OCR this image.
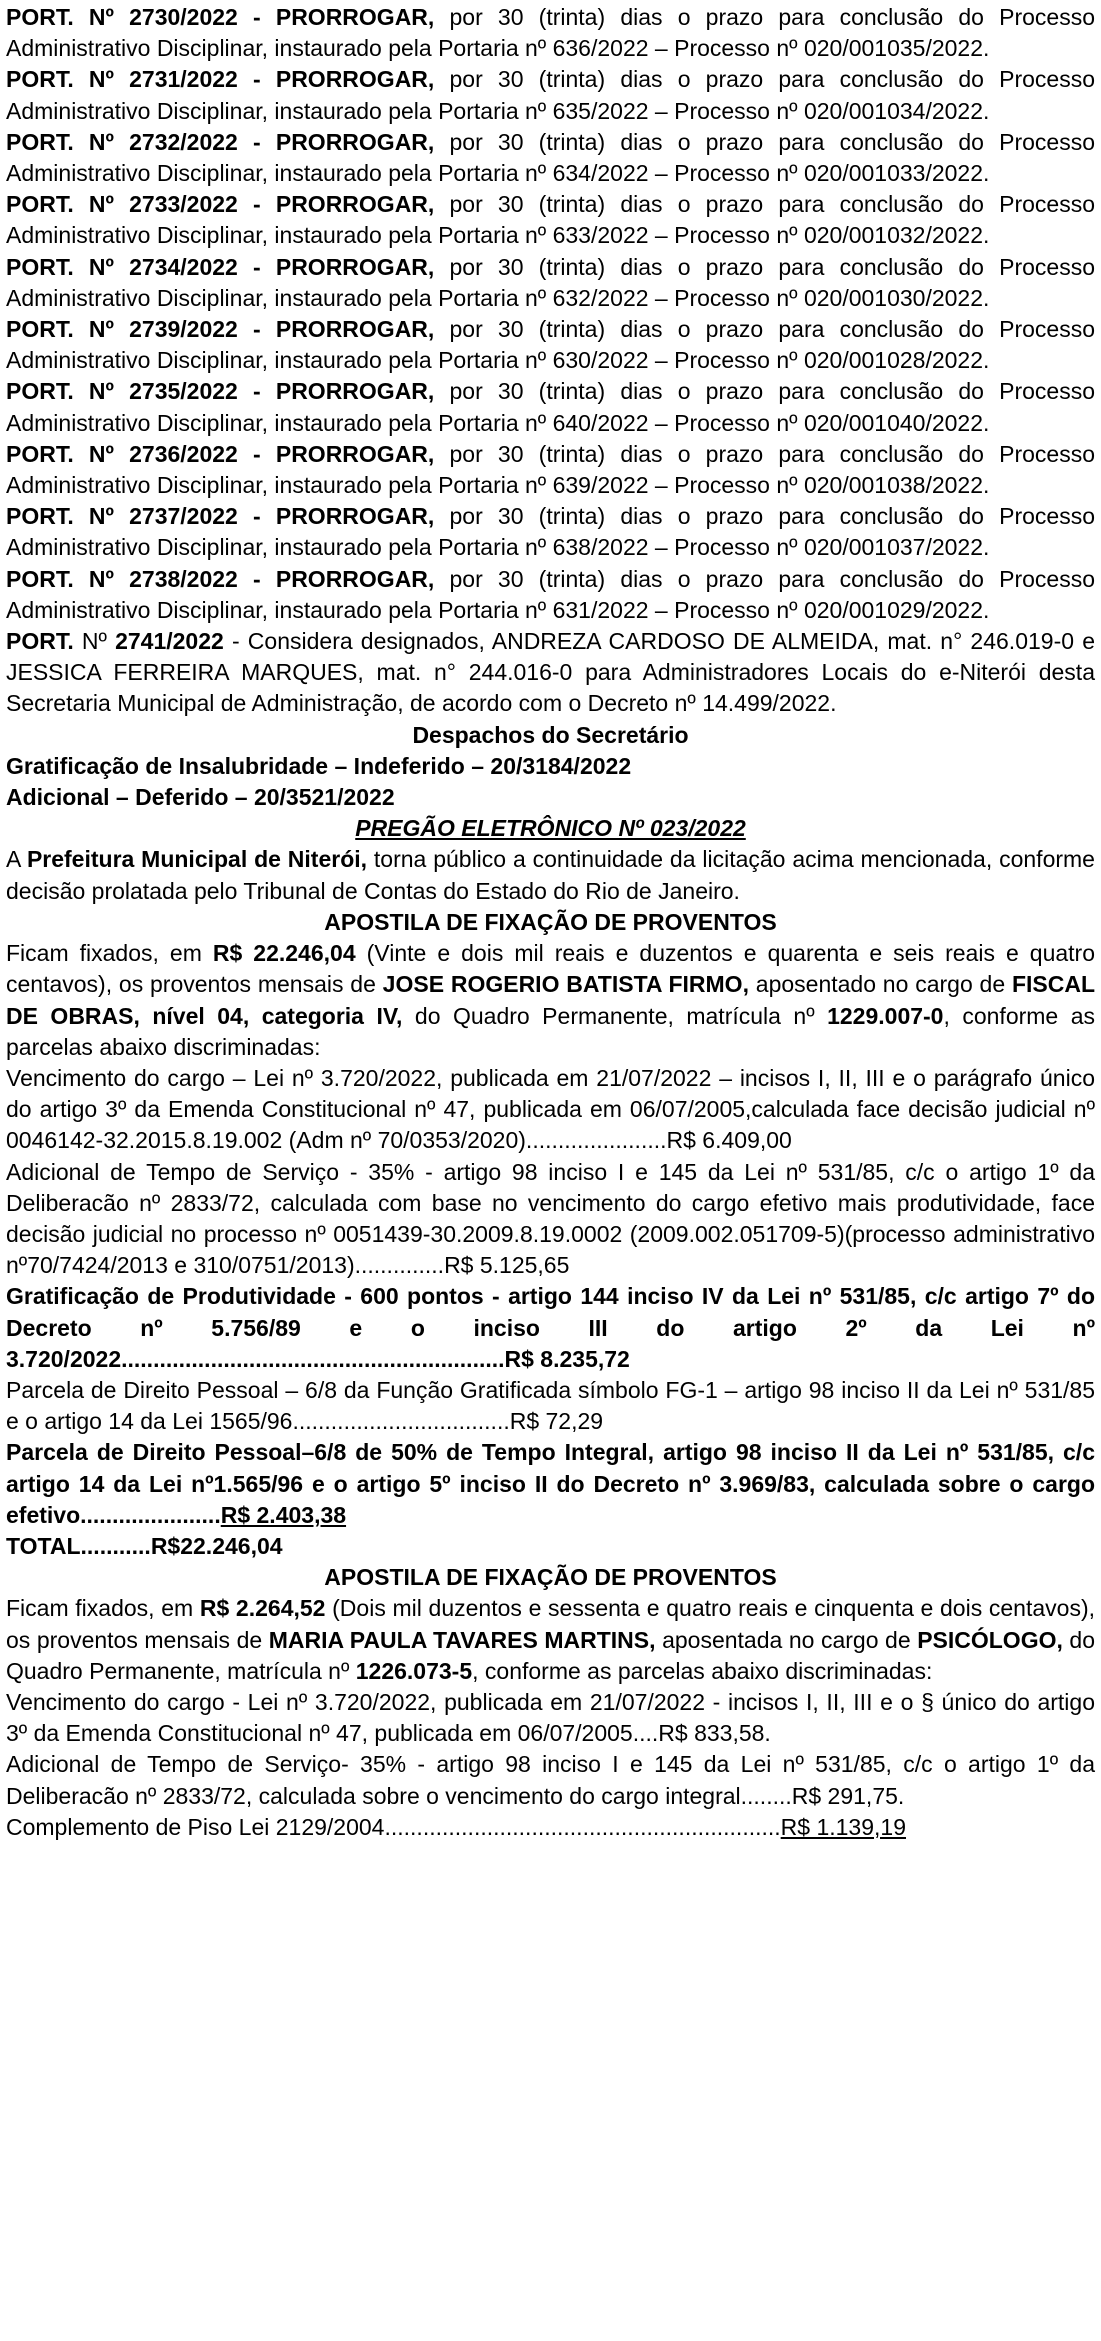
PORT. Nº 2730/2022 - PRORROGAR, por 30 (trinta) dias o prazo para conclusão do Processo Administrativo Disciplinar, instaurado pela Portaria nº 636/2022 – Processo nº 020/001035/2022.

PORT. Nº 2731/2022 - PRORROGAR, por 30 (trinta) dias o prazo para conclusão do Processo Administrativo Disciplinar, instaurado pela Portaria nº 635/2022 – Processo nº 020/001034/2022.

PORT. Nº 2732/2022 - PRORROGAR, por 30 (trinta) dias o prazo para conclusão do Processo Administrativo Disciplinar, instaurado pela Portaria nº 634/2022 – Processo nº 020/001033/2022.

PORT. Nº 2733/2022 - PRORROGAR, por 30 (trinta) dias o prazo para conclusão do Processo Administrativo Disciplinar, instaurado pela Portaria nº 633/2022 – Processo nº 020/001032/2022.

PORT. Nº 2734/2022 - PRORROGAR, por 30 (trinta) dias o prazo para conclusão do Processo Administrativo Disciplinar, instaurado pela Portaria nº 632/2022 – Processo nº 020/001030/2022.

PORT. Nº 2739/2022 - PRORROGAR, por 30 (trinta) dias o prazo para conclusão do Processo Administrativo Disciplinar, instaurado pela Portaria nº 630/2022 – Processo nº 020/001028/2022.

PORT. Nº 2735/2022 - PRORROGAR, por 30 (trinta) dias o prazo para conclusão do Processo Administrativo Disciplinar, instaurado pela Portaria nº 640/2022 – Processo nº 020/001040/2022.

PORT. Nº 2736/2022 - PRORROGAR, por 30 (trinta) dias o prazo para conclusão do Processo Administrativo Disciplinar, instaurado pela Portaria nº 639/2022 – Processo nº 020/001038/2022.

PORT. Nº 2737/2022 - PRORROGAR, por 30 (trinta) dias o prazo para conclusão do Processo Administrativo Disciplinar, instaurado pela Portaria nº 638/2022 – Processo nº 020/001037/2022.

PORT. Nº 2738/2022 - PRORROGAR, por 30 (trinta) dias o prazo para conclusão do Processo Administrativo Disciplinar, instaurado pela Portaria nº 631/2022 – Processo nº 020/001029/2022.

PORT. Nº 2741/2022 - Considera designados, ANDREZA CARDOSO DE ALMEIDA, mat. n° 246.019-0 e JESSICA FERREIRA MARQUES, mat. n° 244.016-0 para Administradores Locais do e-Niterói desta Secretaria Municipal de Administração, de acordo com o Decreto nº 14.499/2022.

Despachos do Secretário

Gratificação de Insalubridade – Indeferido – 20/3184/2022

Adicional – Deferido – 20/3521/2022

PREGÃO ELETRÔNICO Nº 023/2022

A Prefeitura Municipal de Niterói, torna público a continuidade da licitação acima mencionada, conforme decisão prolatada pelo Tribunal de Contas do Estado do Rio de Janeiro.

APOSTILA DE FIXAÇÃO DE PROVENTOS

Ficam fixados, em R$ 22.246,04 (Vinte e dois mil reais e duzentos e quarenta e seis reais e quatro centavos), os proventos mensais de JOSE ROGERIO BATISTA FIRMO, aposentado no cargo de FISCAL DE OBRAS, nível 04, categoria IV, do Quadro Permanente, matrícula nº 1229.007-0, conforme as parcelas abaixo discriminadas:

Vencimento do cargo – Lei nº 3.720/2022, publicada em 21/07/2022 – incisos I, II, III e o parágrafo único do artigo 3º da Emenda Constitucional nº 47, publicada em 06/07/2005,calculada face decisão judicial nº 0046142-32.2015.8.19.002 (Adm nº 70/0353/2020)......................R$ 6.409,00

Adicional de Tempo de Serviço - 35% - artigo 98 inciso I e 145 da Lei nº 531/85, c/c o artigo 1º da Deliberacão nº 2833/72, calculada com base no vencimento do cargo efetivo mais produtividade, face decisão judicial no processo nº 0051439-30.2009.8.19.0002 (2009.002.051709-5)(processo administrativo nº70/7424/2013 e 310/0751/2013)..............R$ 5.125,65

Gratificação de Produtividade - 600 pontos - artigo 144 inciso IV da Lei nº 531/85, c/c artigo 7º do Decreto nº 5.756/89 e o inciso III do artigo 2º da Lei nº 3.720/2022............................................................R$ 8.235,72

Parcela de Direito Pessoal – 6/8 da Função Gratificada símbolo FG-1 – artigo 98 inciso II da Lei nº 531/85 e o artigo 14 da Lei 1565/96..................................R$ 72,29

Parcela de Direito Pessoal–6/8 de 50% de Tempo Integral, artigo 98 inciso II da Lei nº 531/85, c/c artigo 14 da Lei nº1.565/96 e o artigo 5º inciso II do Decreto nº 3.969/83, calculada sobre o cargo efetivo......................R$ 2.403,38

TOTAL...........R$22.246,04

APOSTILA DE FIXAÇÃO DE PROVENTOS

Ficam fixados, em R$ 2.264,52 (Dois mil duzentos e sessenta e quatro reais e cinquenta e dois centavos), os proventos mensais de MARIA PAULA TAVARES MARTINS, aposentada no cargo de PSICÓLOGO, do Quadro Permanente, matrícula nº 1226.073-5, conforme as parcelas abaixo discriminadas:

Vencimento do cargo - Lei nº 3.720/2022, publicada em 21/07/2022 - incisos I, II, III e o § único do artigo 3º da Emenda Constitucional nº 47, publicada em 06/07/2005....R$ 833,58.

Adicional de Tempo de Serviço- 35% - artigo 98 inciso I e 145 da Lei nº 531/85, c/c o artigo 1º da Deliberacão nº 2833/72, calculada sobre o vencimento do cargo integral........R$ 291,75.

Complemento de Piso Lei 2129/2004..............................................................R$ 1.139,19
